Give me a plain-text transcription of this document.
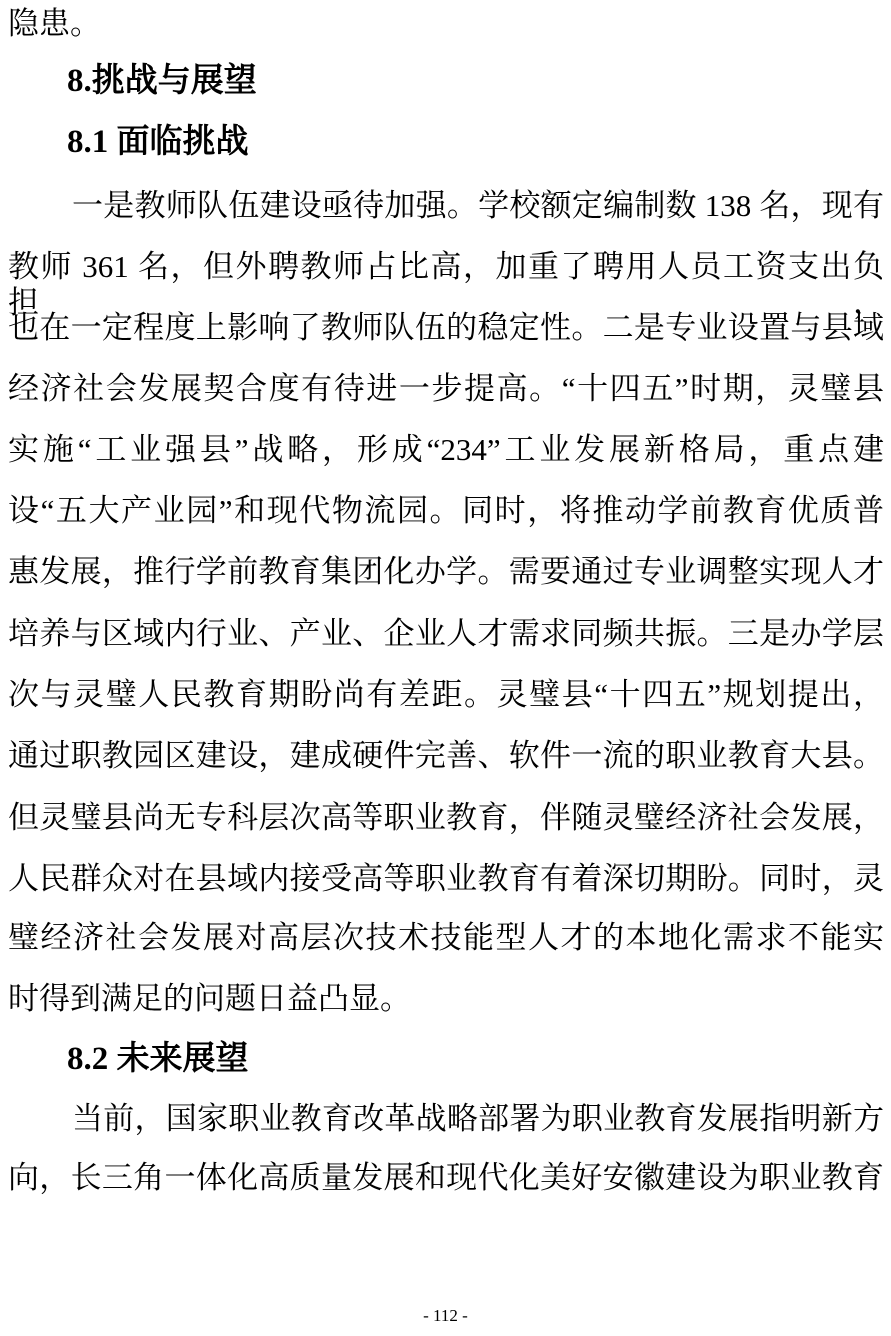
隐患。
8.挑战与展望
8.1 面临挑战
一是教师队伍建设亟待加强。学校额定编制数 138 名，现有
教师 361 名，但外聘教师占比高，加重了聘用人员工资支出负担，
也在一定程度上影响了教师队伍的稳定性。二是专业设置与县域
经济社会发展契合度有待进一步提高。“十四五”时期，灵璧县
实施“工业强县”战略，形成“234”工业发展新格局，重点建
设“五大产业园”和现代物流园。同时，将推动学前教育优质普
惠发展，推行学前教育集团化办学。需要通过专业调整实现人才
培养与区域内行业、产业、企业人才需求同频共振。三是办学层
次与灵璧人民教育期盼尚有差距。灵璧县“十四五”规划提出，
通过职教园区建设，建成硬件完善、软件一流的职业教育大县。
但灵璧县尚无专科层次高等职业教育，伴随灵璧经济社会发展，
人民群众对在县域内接受高等职业教育有着深切期盼。同时，灵
璧经济社会发展对高层次技术技能型人才的本地化需求不能实
时得到满足的问题日益凸显。
8.2 未来展望
当前，国家职业教育改革战略部署为职业教育发展指明新方
向，长三角一体化高质量发展和现代化美好安徽建设为职业教育
- 112 -
